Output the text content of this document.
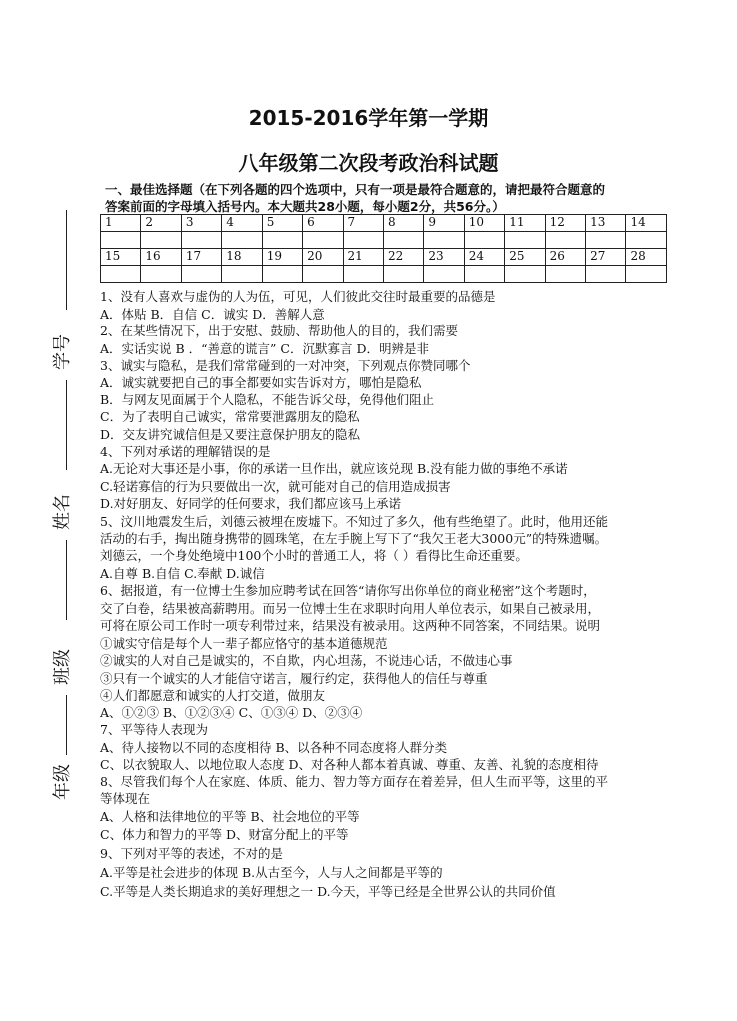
2015-2016学年第一学期
八年级第二次段考政治科试题
一、最佳选择题（在下列各题的四个选项中，只有一项是最符合题意的，请把最符合题意的
答案前面的字母填入括号内。本大题共28小题，每小题2分，共56分。）
1	2	3	4	5	6	7	8	9	10	11	12	13	14

15	16	17	18	19	20	21	22	23	24	25	26	27	28

学号
姓名
班级
年级
1、没有人喜欢与虚伪的人为伍，可见，人们彼此交往时最重要的品德是
A．体贴 B．自信 C．诚实 D．善解人意
2、在某些情况下，出于安慰、鼓励、帮助他人的目的，我们需要
A．实话实说 B ．“善意的谎言” C．沉默寡言 D．明辨是非
3、诚实与隐私，是我们常常碰到的一对冲突，下列观点你赞同哪个
A．诚实就要把自己的事全都要如实告诉对方，哪怕是隐私
B．与网友见面属于个人隐私，不能告诉父母，免得他们阻止
C．为了表明自己诚实，常常要泄露朋友的隐私
D．交友讲究诚信但是又要注意保护朋友的隐私
4、下列对承诺的理解错误的是
A.无论对大事还是小事，你的承诺一旦作出，就应该兑现 B.没有能力做的事绝不承诺
C.轻诺寡信的行为只要做出一次，就可能对自己的信用造成损害
D.对好朋友、好同学的任何要求，我们都应该马上承诺
5、汶川地震发生后，刘德云被埋在废墟下。不知过了多久，他有些绝望了。此时，他用还能
活动的右手，掏出随身携带的圆珠笔，在左手腕上写下了“我欠王老大3000元”的特殊遗嘱。
刘德云，一个身处绝境中100个小时的普通工人，将（ ）看得比生命还重要。
A.自尊 B.自信 C.奉献 D.诚信
6、据报道，有一位博士生参加应聘考试在回答“请你写出你单位的商业秘密”这个考题时，
交了白卷，结果被高薪聘用。而另一位博士生在求职时向用人单位表示，如果自己被录用，
可将在原公司工作时一项专利带过来，结果没有被录用。这两种不同答案，不同结果。说明
①诚实守信是每个人一辈子都应恪守的基本道德规范
②诚实的人对自己是诚实的，不自欺，内心坦荡，不说违心话，不做违心事
③只有一个诚实的人才能信守诺言，履行约定，获得他人的信任与尊重
④人们都愿意和诚实的人打交道，做朋友
A、①②③ B、①②③④ C、①③④ D、②③④
7、平等待人表现为
A、待人接物以不同的态度相待 B、以各种不同态度将人群分类
C、以衣貌取人、以地位取人态度 D、对各种人都本着真诚、尊重、友善、礼貌的态度相待
8、尽管我们每个人在家庭、体质、能力、智力等方面存在着差异，但人生而平等，这里的平
等体现在
A、人格和法律地位的平等 B、社会地位的平等
C、体力和智力的平等 D、财富分配上的平等
9、下列对平等的表述，不对的是
A.平等是社会进步的体现 B.从古至今，人与人之间都是平等的
C.平等是人类长期追求的美好理想之一 D.今天，平等已经是全世界公认的共同价值
